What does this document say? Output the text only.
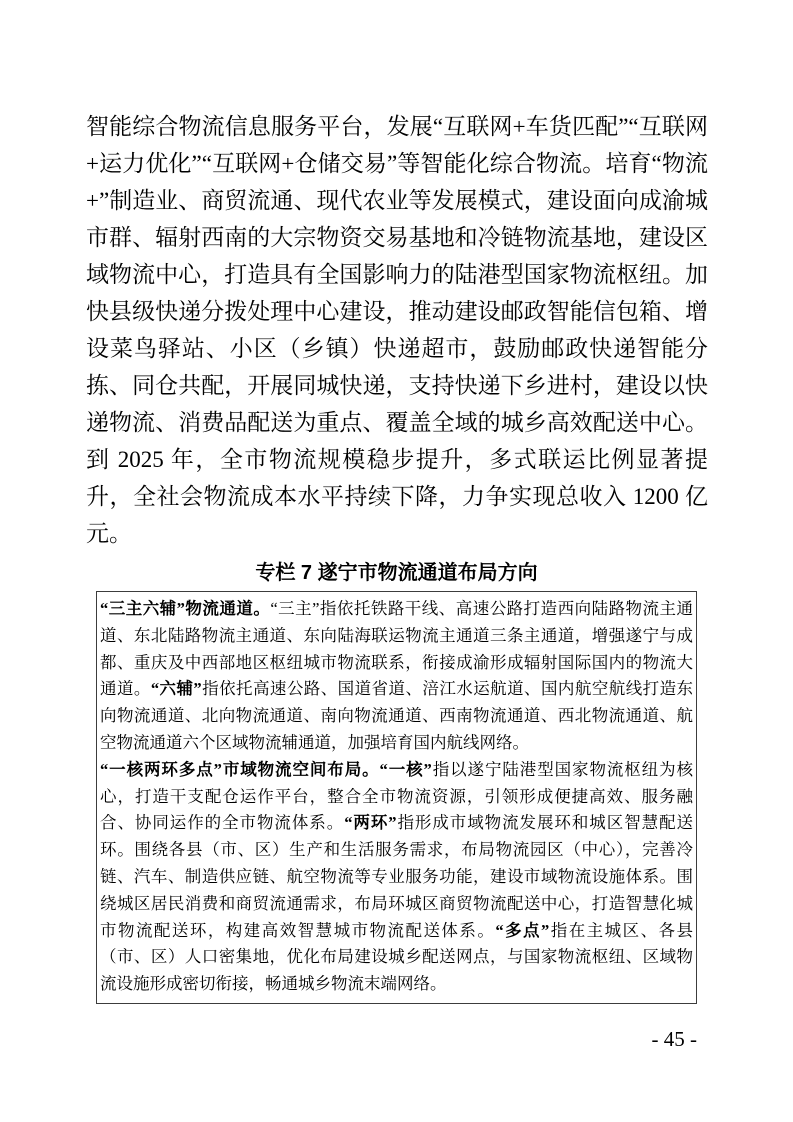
智能综合物流信息服务平台，发展“互联网+车货匹配”“互联网+运力优化”“互联网+仓储交易”等智能化综合物流。培育“物流+”制造业、商贸流通、现代农业等发展模式，建设面向成渝城市群、辐射西南的大宗物资交易基地和冷链物流基地，建设区域物流中心，打造具有全国影响力的陆港型国家物流枢纽。加快县级快递分拨处理中心建设，推动建设邮政智能信包箱、增设菜鸟驿站、小区（乡镇）快递超市，鼓励邮政快递智能分拣、同仓共配，开展同城快递，支持快递下乡进村，建设以快递物流、消费品配送为重点、覆盖全域的城乡高效配送中心。到 2025 年，全市物流规模稳步提升，多式联运比例显著提升，全社会物流成本水平持续下降，力争实现总收入 1200 亿元。

专栏 7 遂宁市物流通道布局方向

“三主六辅”物流通道。“三主”指依托铁路干线、高速公路打造西向陆路物流主通道、东北陆路物流主通道、东向陆海联运物流主通道三条主通道，增强遂宁与成都、重庆及中西部地区枢纽城市物流联系，衔接成渝形成辐射国际国内的物流大通道。“六辅”指依托高速公路、国道省道、涪江水运航道、国内航空航线打造东向物流通道、北向物流通道、南向物流通道、西南物流通道、西北物流通道、航空物流通道六个区域物流辅通道，加强培育国内航线网络。

“一核两环多点”市域物流空间布局。“一核”指以遂宁陆港型国家物流枢纽为核心，打造干支配仓运作平台，整合全市物流资源，引领形成便捷高效、服务融合、协同运作的全市物流体系。“两环”指形成市域物流发展环和城区智慧配送环。围绕各县（市、区）生产和生活服务需求，布局物流园区（中心），完善冷链、汽车、制造供应链、航空物流等专业服务功能，建设市域物流设施体系。围绕城区居民消费和商贸流通需求，布局环城区商贸物流配送中心，打造智慧化城市物流配送环，构建高效智慧城市物流配送体系。“多点”指在主城区、各县（市、区）人口密集地，优化布局建设城乡配送网点，与国家物流枢纽、区域物流设施形成密切衔接，畅通城乡物流末端网络。

- 45 -
